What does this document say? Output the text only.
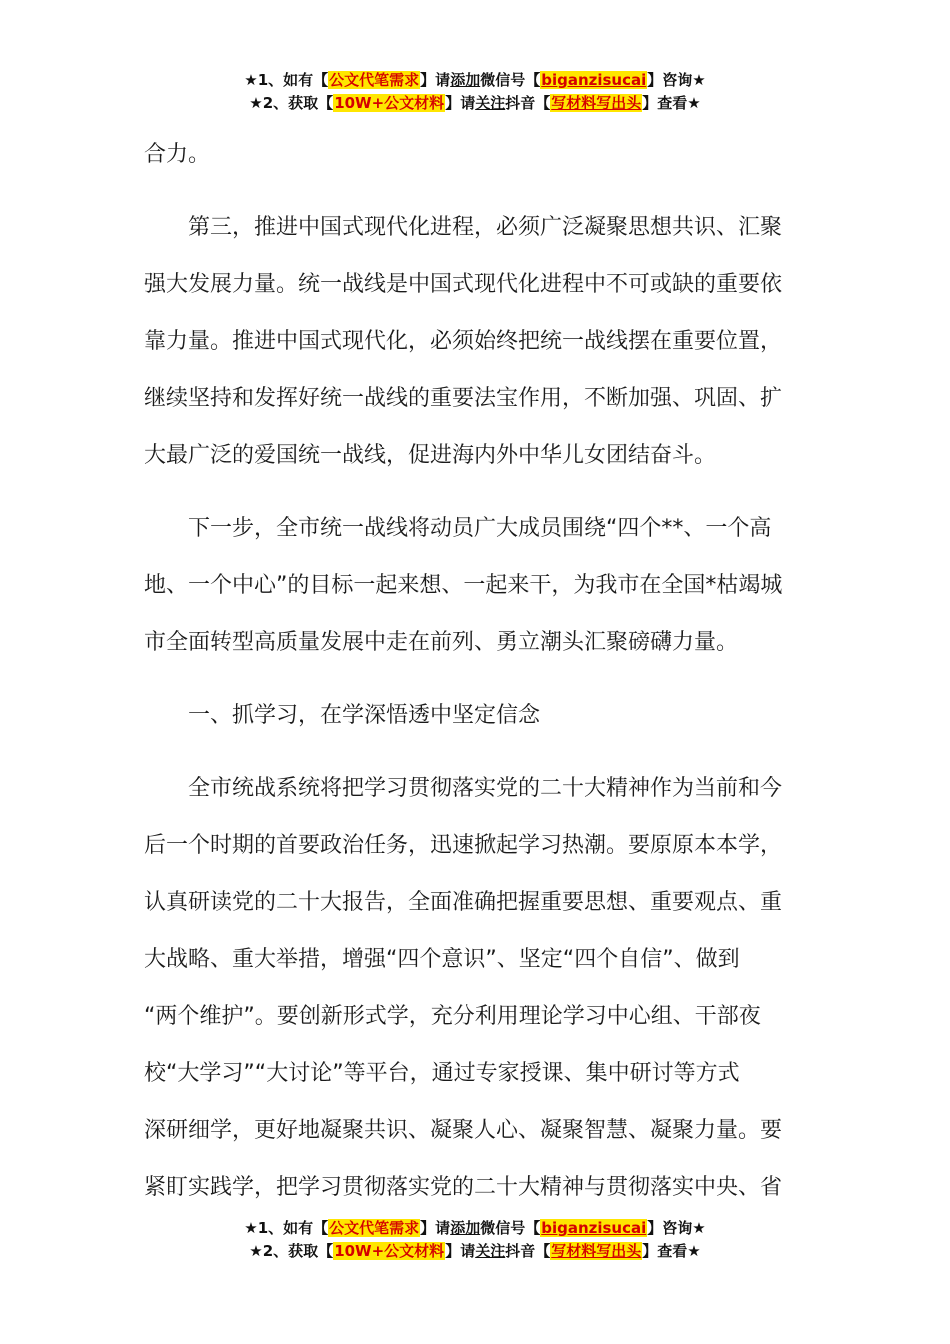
★1、如有【公文代笔需求】请添加微信号【biganzisucai】咨询★
★2、获取【10W+公文材料】请关注抖音【写材料写出头】查看★
合力。
第三，推进中国式现代化进程，必须广泛凝聚思想共识、汇聚
强大发展力量。统一战线是中国式现代化进程中不可或缺的重要依
靠力量。推进中国式现代化，必须始终把统一战线摆在重要位置，
继续坚持和发挥好统一战线的重要法宝作用，不断加强、巩固、扩
大最广泛的爱国统一战线，促进海内外中华儿女团结奋斗。
下一步，全市统一战线将动员广大成员围绕“四个**、一个高
地、一个中心”的目标一起来想、一起来干，为我市在全国*枯竭城
市全面转型高质量发展中走在前列、勇立潮头汇聚磅礴力量。
一、抓学习，在学深悟透中坚定信念
全市统战系统将把学习贯彻落实党的二十大精神作为当前和今
后一个时期的首要政治任务，迅速掀起学习热潮。要原原本本学，
认真研读党的二十大报告，全面准确把握重要思想、重要观点、重
大战略、重大举措，增强“四个意识”、坚定“四个自信”、做到
“两个维护”。要创新形式学，充分利用理论学习中心组、干部夜
校“大学习”“大讨论”等平台，通过专家授课、集中研讨等方式
深研细学，更好地凝聚共识、凝聚人心、凝聚智慧、凝聚力量。要
紧盯实践学，把学习贯彻落实党的二十大精神与贯彻落实中央、省
★1、如有【公文代笔需求】请添加微信号【biganzisucai】咨询★
★2、获取【10W+公文材料】请关注抖音【写材料写出头】查看★
